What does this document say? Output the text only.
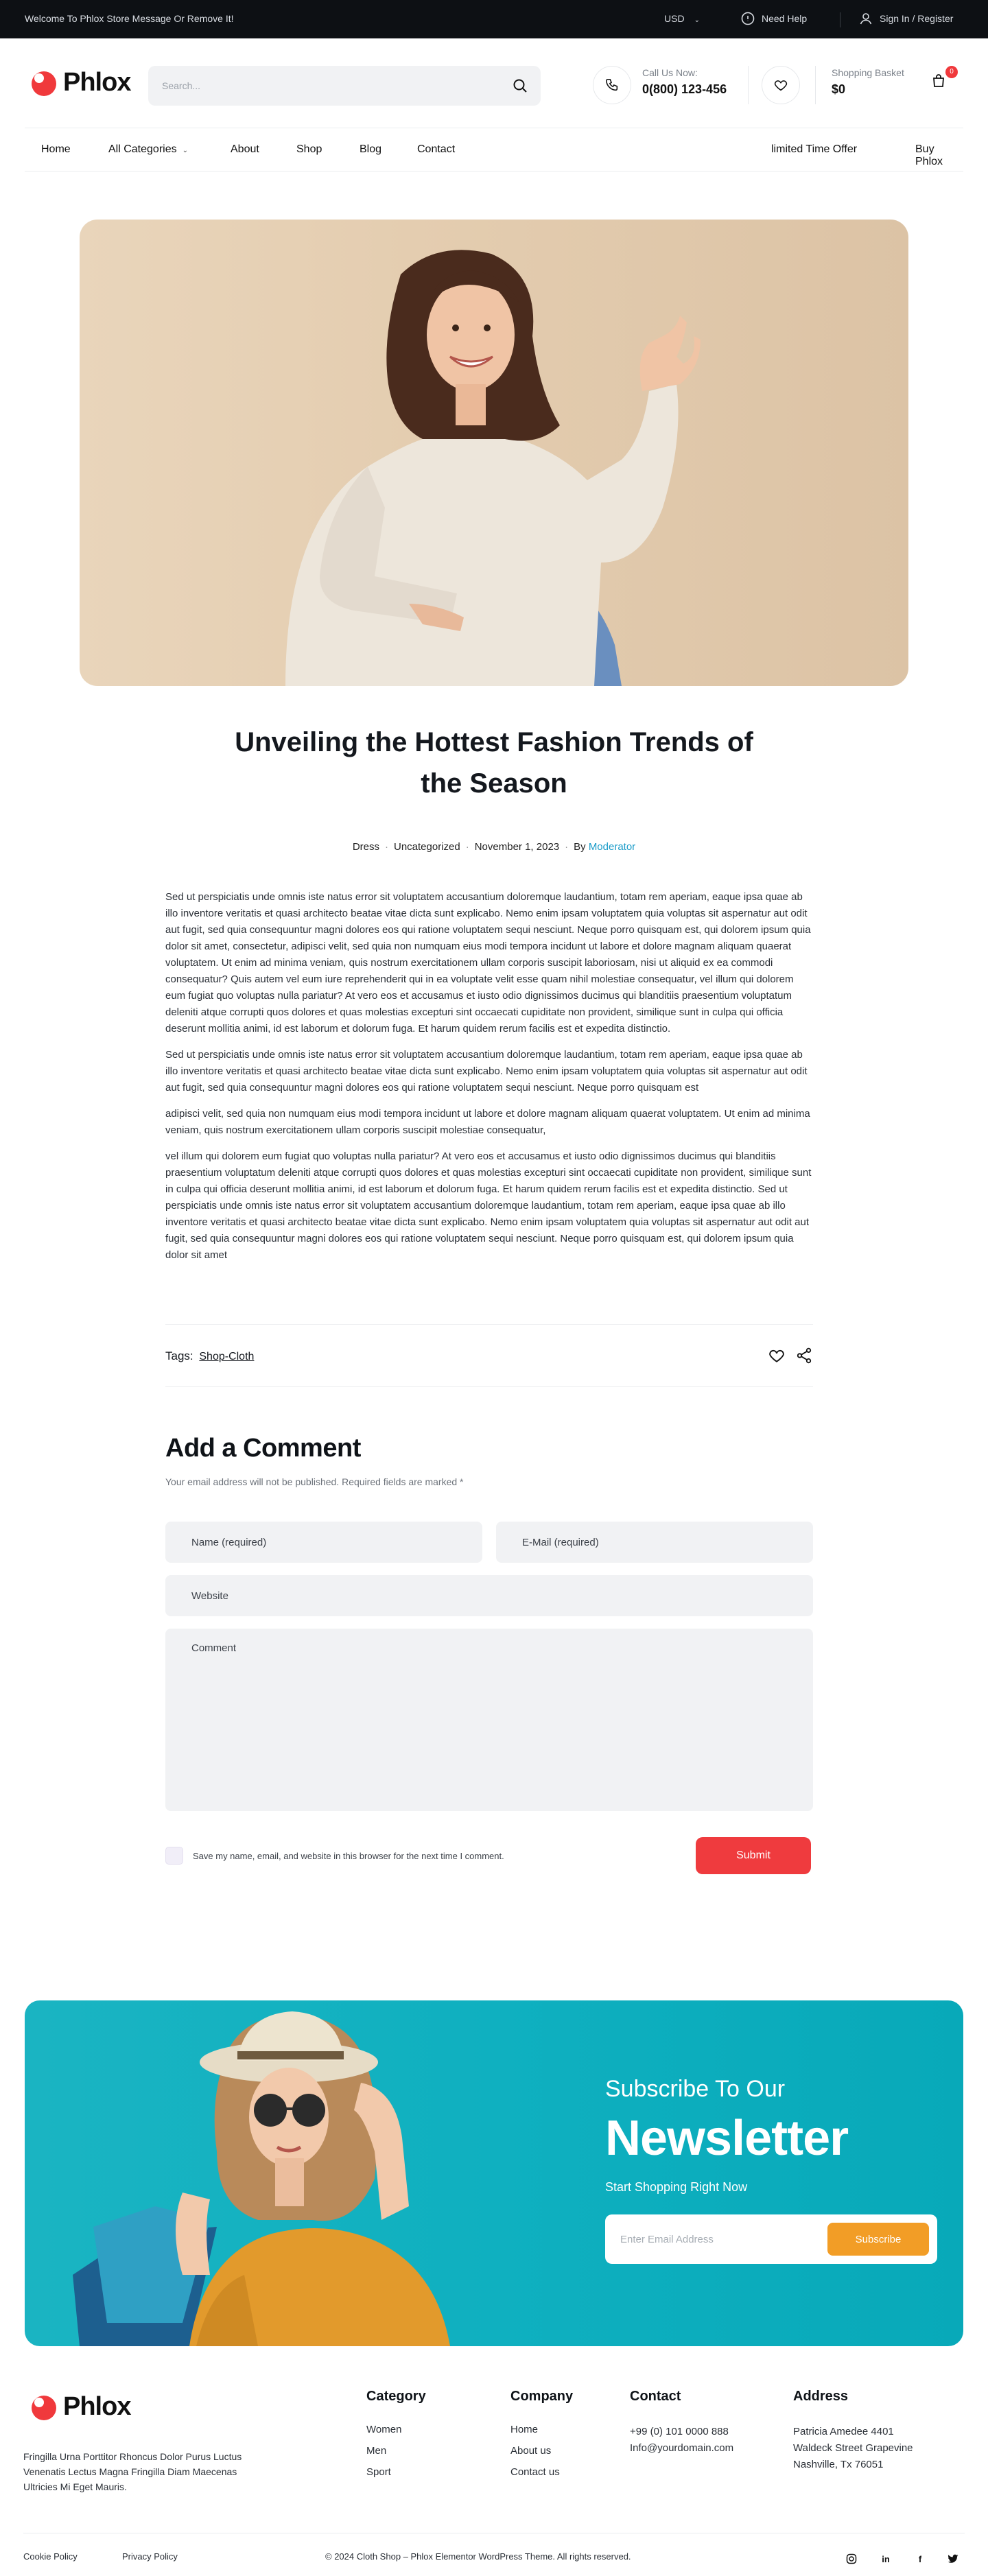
Welcome To Phlox Store Message Or Remove It!	USD ⌄	Need Help	Sign In / Register
Phlox
Search...	Call Us Now:
0(800) 123-456
Shopping Basket
$0
0
Home	All Categories ⌄	About	Shop	Blog	Contact	limited Time Offer	Buy Phlox
Unveiling the Hottest Fashion Trends of the Season
Dress · Uncategorized · November 1, 2023 · By Moderator

Sed ut perspiciatis unde omnis iste natus error sit voluptatem accusantium doloremque laudantium, totam rem aperiam, eaque ipsa quae ab illo inventore veritatis et quasi architecto beatae vitae dicta sunt explicabo. Nemo enim ipsam voluptatem quia voluptas sit aspernatur aut odit aut fugit, sed quia consequuntur magni dolores eos qui ratione voluptatem sequi nesciunt. Neque porro quisquam est, qui dolorem ipsum quia dolor sit amet, consectetur, adipisci velit, sed quia non numquam eius modi tempora incidunt ut labore et dolore magnam aliquam quaerat voluptatem. Ut enim ad minima veniam, quis nostrum exercitationem ullam corporis suscipit laboriosam, nisi ut aliquid ex ea commodi consequatur? Quis autem vel eum iure reprehenderit qui in ea voluptate velit esse quam nihil molestiae consequatur, vel illum qui dolorem eum fugiat quo voluptas nulla pariatur? At vero eos et accusamus et iusto odio dignissimos ducimus qui blanditiis praesentium voluptatum deleniti atque corrupti quos dolores et quas molestias excepturi sint occaecati cupiditate non provident, similique sunt in culpa qui officia deserunt mollitia animi, id est laborum et dolorum fuga. Et harum quidem rerum facilis est et expedita distinctio.

Sed ut perspiciatis unde omnis iste natus error sit voluptatem accusantium doloremque laudantium, totam rem aperiam, eaque ipsa quae ab illo inventore veritatis et quasi architecto beatae vitae dicta sunt explicabo. Nemo enim ipsam voluptatem quia voluptas sit aspernatur aut odit aut fugit, sed quia consequuntur magni dolores eos qui ratione voluptatem sequi nesciunt. Neque porro quisquam est

adipisci velit, sed quia non numquam eius modi tempora incidunt ut labore et dolore magnam aliquam quaerat voluptatem. Ut enim ad minima veniam, quis nostrum exercitationem ullam corporis suscipit molestiae consequatur,

vel illum qui dolorem eum fugiat quo voluptas nulla pariatur? At vero eos et accusamus et iusto odio dignissimos ducimus qui blanditiis praesentium voluptatum deleniti atque corrupti quos dolores et quas molestias excepturi sint occaecati cupiditate non provident, similique sunt in culpa qui officia deserunt mollitia animi, id est laborum et dolorum fuga. Et harum quidem rerum facilis est et expedita distinctio. Sed ut perspiciatis unde omnis iste natus error sit voluptatem accusantium doloremque laudantium, totam rem aperiam, eaque ipsa quae ab illo inventore veritatis et quasi architecto beatae vitae dicta sunt explicabo. Nemo enim ipsam voluptatem quia voluptas sit aspernatur aut odit aut fugit, sed quia consequuntur magni dolores eos qui ratione voluptatem sequi nesciunt. Neque porro quisquam est, qui dolorem ipsum quia dolor sit amet

Tags: Shop-Cloth
Add a Comment
Your email address will not be published. Required fields are marked *
Name (required)
E-Mail (required)
Website
Comment
Save my name, email, and website in this browser for the next time I comment.	Submit
Subscribe To Our
Newsletter
Start Shopping Right Now
Enter Email Address
Subscribe
Phlox
Fringilla Urna Porttitor Rhoncus Dolor Purus Luctus Venenatis Lectus Magna Fringilla Diam Maecenas Ultricies Mi Eget Mauris.
Category
Women
Men
Sport
Company
Home
About us
Contact us
Contact
+99 (0) 101 0000 888
Info@yourdomain.com
Address
Patricia Amedee 4401
Waldeck Street Grapevine
Nashville, Tx 76051
Cookie Policy	Privacy Policy	© 2024 Cloth Shop – Phlox Elementor WordPress Theme. All rights reserved.	in	f
